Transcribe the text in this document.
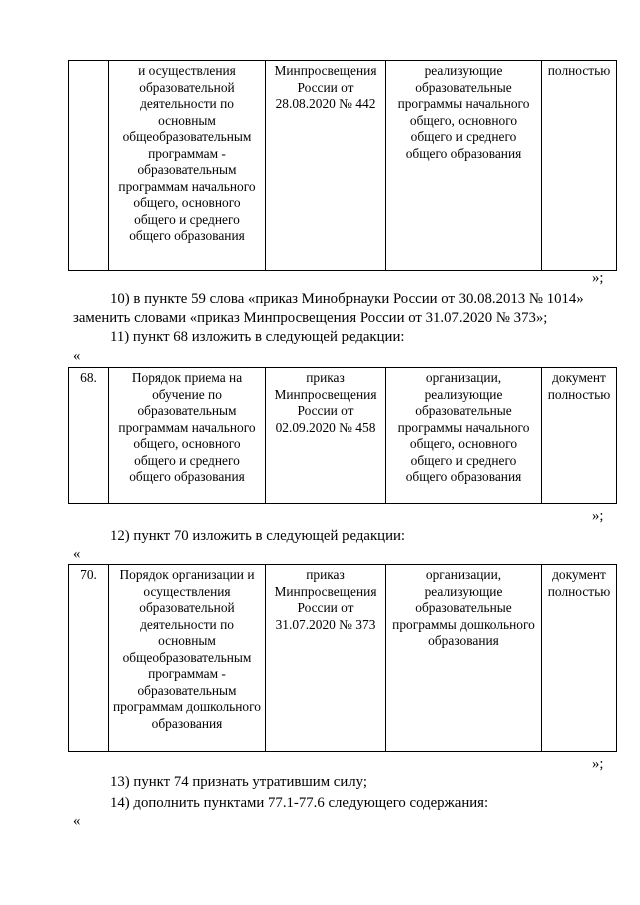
	и осуществления образовательной деятельности по основным общеобразовательным программам - образовательным программам начального общего, основного общего и среднего общего образования	Минпросвещения России от 28.08.2020 № 442	реализующие образовательные программы начального общего, основного общего и среднего общего образования	полностью
»;
10) в пункте 59 слова «приказ Минобрнауки России от 30.08.2013 № 1014»
заменить словами «приказ Минпросвещения России от 31.07.2020 № 373»;
11) пункт 68 изложить в следующей редакции:
«
68.	Порядок приема на обучение по образовательным программам начального общего, основного общего и среднего общего образования	приказ Минпросвещения России от 02.09.2020 № 458	организации, реализующие образовательные программы начального общего, основного общего и среднего общего образования	документ полностью
»;
12) пункт 70 изложить в следующей редакции:
«
70.	Порядок организации и осуществления образовательной деятельности по основным общеобразовательным программам - образовательным программам дошкольного образования	приказ Минпросвещения России от 31.07.2020 № 373	организации, реализующие образовательные программы дошкольного образования	документ полностью
»;
13) пункт 74 признать утратившим силу;
14) дополнить пунктами 77.1-77.6 следующего содержания:
«
